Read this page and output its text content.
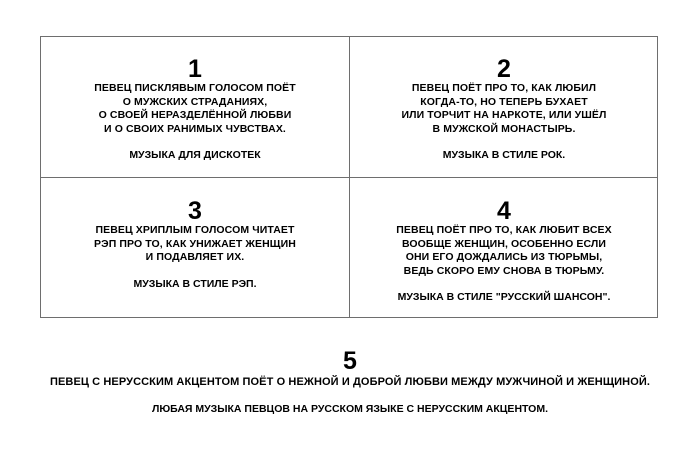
1
ПЕВЕЦ ПИСКЛЯВЫМ ГОЛОСОМ ПОЁТ
О МУЖСКИХ СТРАДАНИЯХ,
О СВОЕЙ НЕРАЗДЕЛЁННОЙ ЛЮБВИ
И О СВОИХ РАНИМЫХ ЧУВСТВАХ.
МУЗЫКА ДЛЯ ДИСКОТЕК
2
ПЕВЕЦ ПОЁТ ПРО ТО, КАК ЛЮБИЛ
КОГДА-ТО, НО ТЕПЕРЬ БУХАЕТ
ИЛИ ТОРЧИТ НА НАРКОТЕ, ИЛИ УШЁЛ
В МУЖСКОЙ МОНАСТЫРЬ.
МУЗЫКА В СТИЛЕ РОК.
3
ПЕВЕЦ ХРИПЛЫМ ГОЛОСОМ ЧИТАЕТ
РЭП ПРО ТО, КАК УНИЖАЕТ ЖЕНЩИН
И ПОДАВЛЯЕТ ИХ.
МУЗЫКА В СТИЛЕ РЭП.
4
ПЕВЕЦ ПОЁТ ПРО ТО, КАК ЛЮБИТ ВСЕХ
ВООБЩЕ ЖЕНЩИН, ОСОБЕННО ЕСЛИ
ОНИ ЕГО ДОЖДАЛИСЬ ИЗ ТЮРЬМЫ,
ВЕДЬ СКОРО ЕМУ СНОВА В ТЮРЬМУ.
МУЗЫКА В СТИЛЕ "РУССКИЙ ШАНСОН".
5
ПЕВЕЦ С НЕРУССКИМ АКЦЕНТОМ ПОЁТ О НЕЖНОЙ И ДОБРОЙ ЛЮБВИ МЕЖДУ МУЖЧИНОЙ И ЖЕНЩИНОЙ.
ЛЮБАЯ МУЗЫКА ПЕВЦОВ НА РУССКОМ ЯЗЫКЕ С НЕРУССКИМ АКЦЕНТОМ.
